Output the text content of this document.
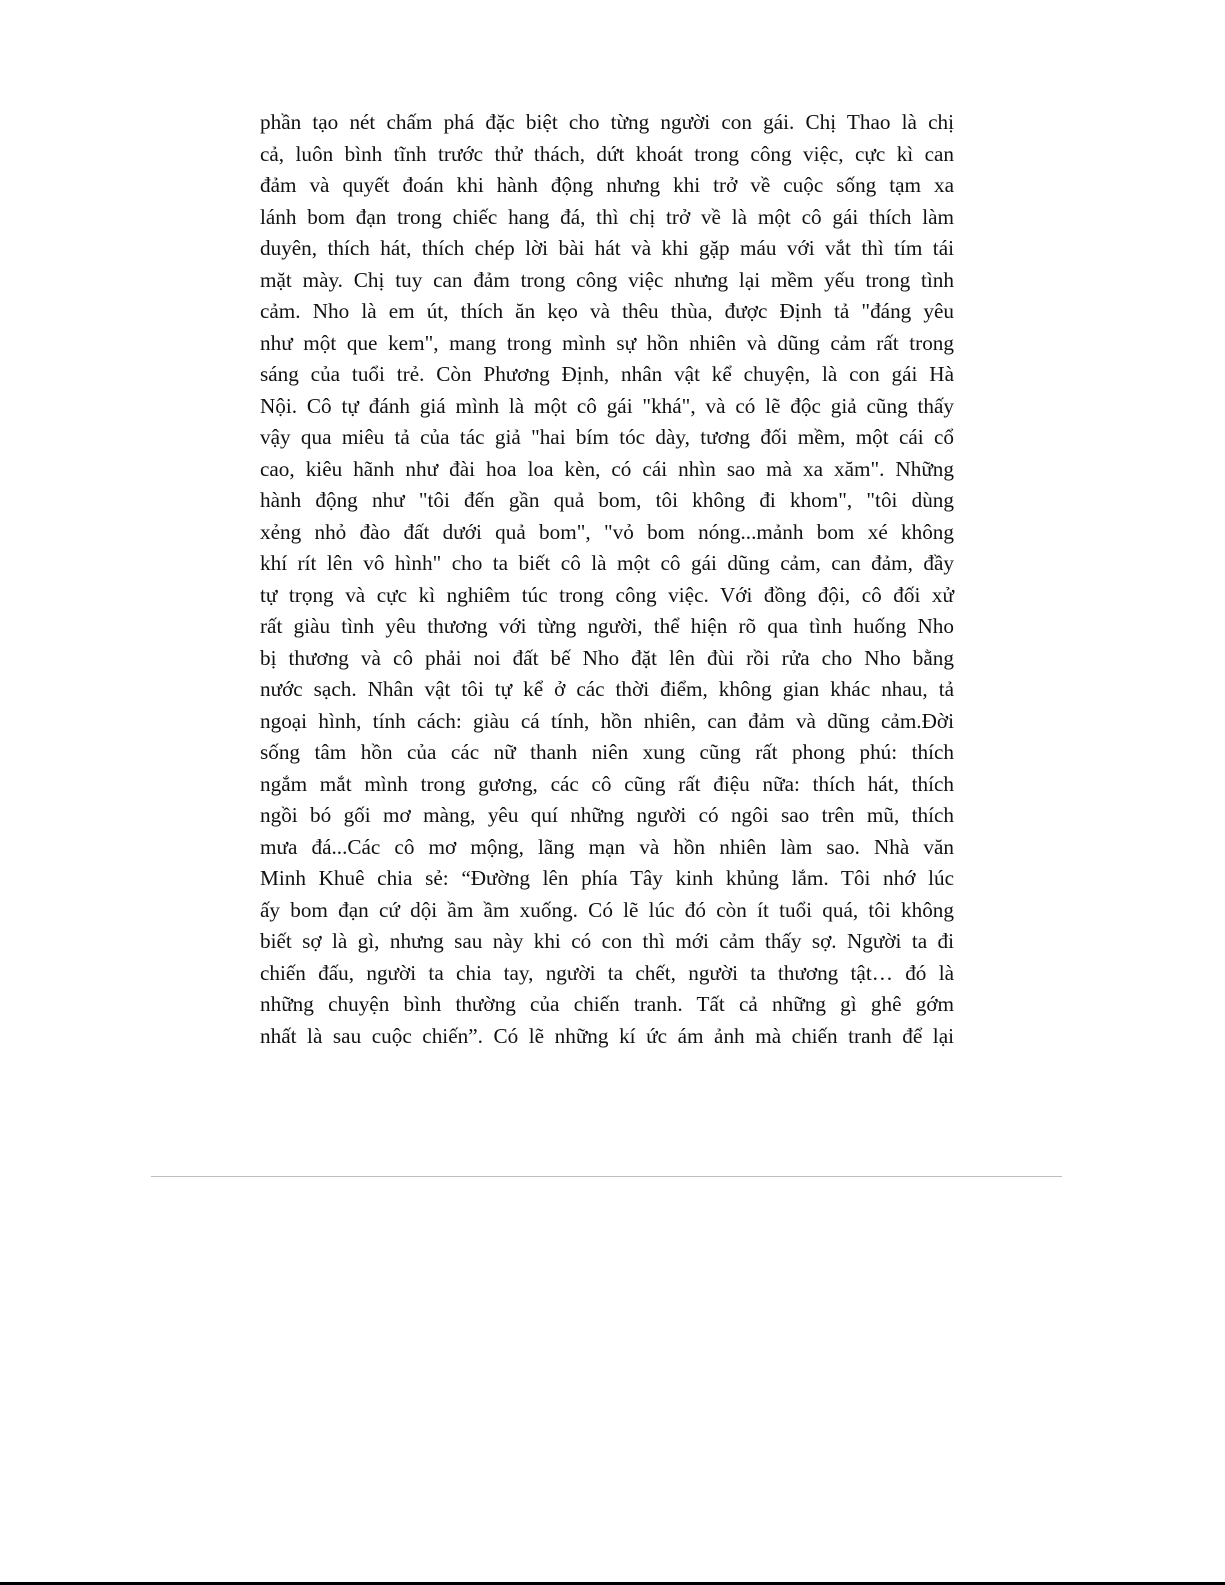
phần tạo nét chấm phá đặc biệt cho từng người con gái. Chị Thao là chị
cả, luôn bình tĩnh trước thử thách, dứt khoát trong công việc, cực kì can
đảm và quyết đoán khi hành động nhưng khi trở về cuộc sống tạm xa
lánh bom đạn trong chiếc hang đá, thì chị trở về là một cô gái thích làm
duyên, thích hát, thích chép lời bài hát và khi gặp máu với vắt thì tím tái
mặt mày. Chị tuy can đảm trong công việc nhưng lại mềm yếu trong tình
cảm. Nho là em út, thích ăn kẹo và thêu thùa, được Định tả "đáng yêu
như một que kem", mang trong mình sự hồn nhiên và dũng cảm rất trong
sáng của tuổi trẻ. Còn Phương Định, nhân vật kể chuyện, là con gái Hà
Nội. Cô tự đánh giá mình là một cô gái "khá", và có lẽ độc giả cũng thấy
vậy qua miêu tả của tác giả "hai bím tóc dày, tương đối mềm, một cái cổ
cao, kiêu hãnh như đài hoa loa kèn, có cái nhìn sao mà xa xăm". Những
hành động như "tôi đến gần quả bom, tôi không đi khom", "tôi dùng
xẻng nhỏ đào đất dưới quả bom", "vỏ bom nóng...mảnh bom xé không
khí rít lên vô hình" cho ta biết cô là một cô gái dũng cảm, can đảm, đầy
tự trọng và cực kì nghiêm túc trong công việc. Với đồng đội, cô đối xử
rất giàu tình yêu thương với từng người, thể hiện rõ qua tình huống Nho
bị thương và cô phải noi đất bế Nho đặt lên đùi rồi rửa cho Nho bằng
nước sạch. Nhân vật tôi tự kể ở các thời điểm, không gian khác nhau, tả
ngoại hình, tính cách: giàu cá tính, hồn nhiên, can đảm và dũng cảm.Đời
sống tâm hồn của các nữ thanh niên xung cũng rất phong phú: thích
ngắm mắt mình trong gương, các cô cũng rất điệu nữa: thích hát, thích
ngồi bó gối mơ màng, yêu quí những người có ngôi sao trên mũ, thích
mưa đá...Các cô mơ mộng, lãng mạn và hồn nhiên làm sao. Nhà văn
Minh Khuê chia sẻ: “Đường lên phía Tây kinh khủng lắm. Tôi nhớ lúc
ấy bom đạn cứ dội ầm ầm xuống. Có lẽ lúc đó còn ít tuổi quá, tôi không
biết sợ là gì, nhưng sau này khi có con thì mới cảm thấy sợ. Người ta đi
chiến đấu, người ta chia tay, người ta chết, người ta thương tật… đó là
những chuyện bình thường của chiến tranh. Tất cả những gì ghê gớm
nhất là sau cuộc chiến”. Có lẽ những kí ức ám ảnh mà chiến tranh để lại
